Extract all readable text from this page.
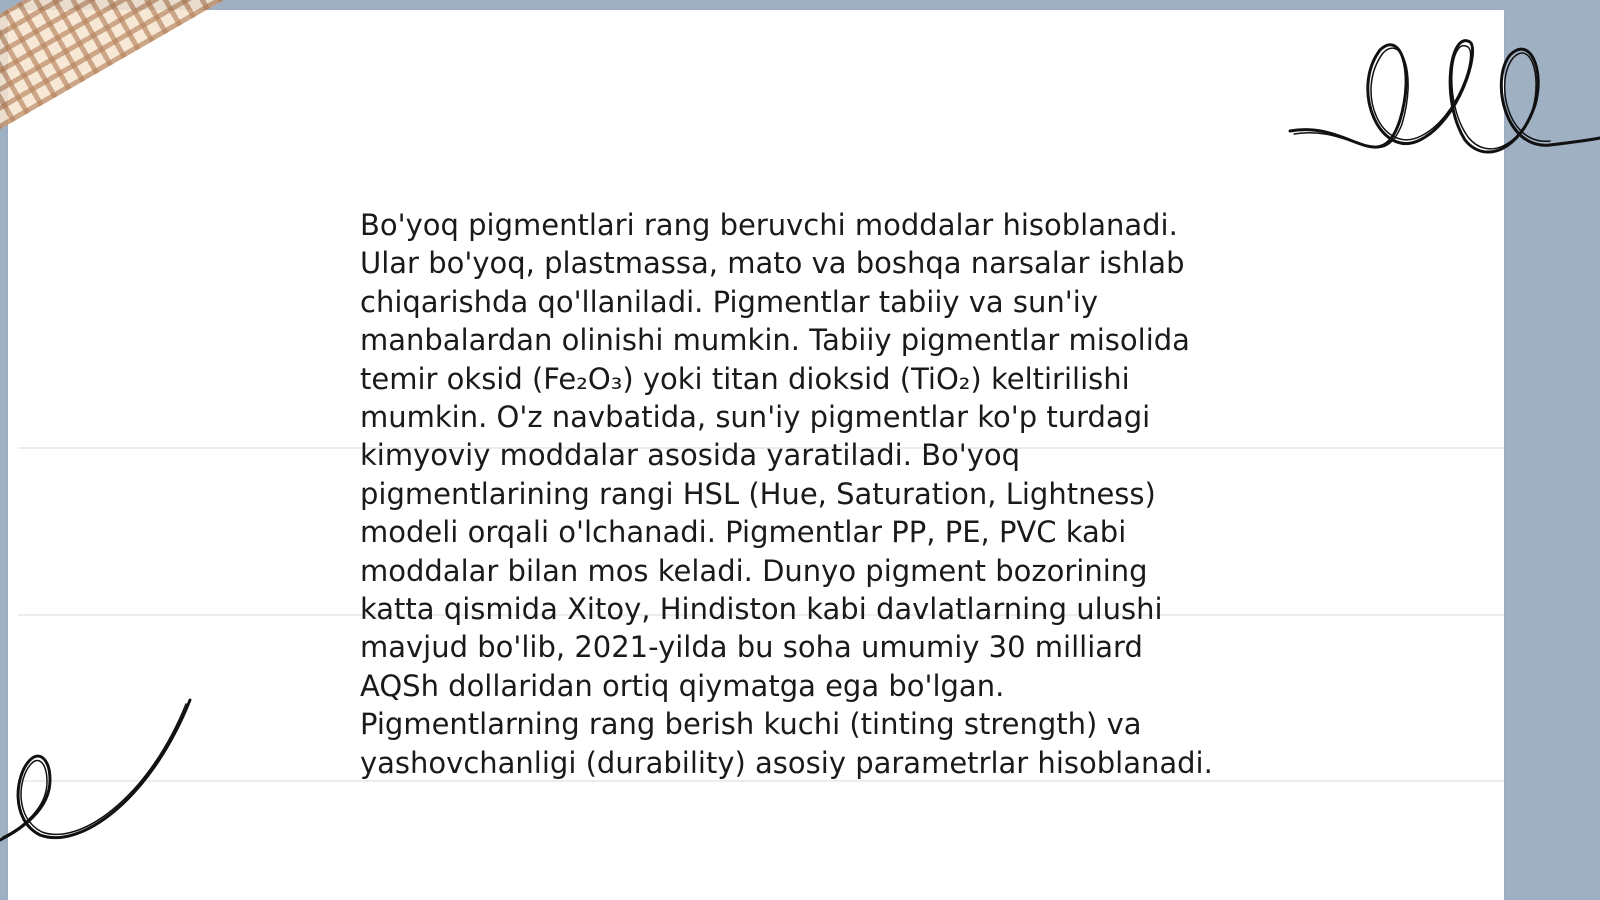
Bo'yoq pigmentlari rang beruvchi moddalar hisoblanadi.
Ular bo'yoq, plastmassa, mato va boshqa narsalar ishlab
chiqarishda qo'llaniladi. Pigmentlar tabiiy va sun'iy
manbalardan olinishi mumkin. Tabiiy pigmentlar misolida
temir oksid (Fe₂O₃) yoki titan dioksid (TiO₂) keltirilishi
mumkin. O'z navbatida, sun'iy pigmentlar ko'p turdagi
kimyoviy moddalar asosida yaratiladi. Bo'yoq
pigmentlarining rangi HSL (Hue, Saturation, Lightness)
modeli orqali o'lchanadi. Pigmentlar PP, PE, PVC kabi
moddalar bilan mos keladi. Dunyo pigment bozorining
katta qismida Xitoy, Hindiston kabi davlatlarning ulushi
mavjud bo'lib, 2021-yilda bu soha umumiy 30 milliard
AQSh dollaridan ortiq qiymatga ega bo'lgan.
Pigmentlarning rang berish kuchi (tinting strength) va
yashovchanligi (durability) asosiy parametrlar hisoblanadi.
